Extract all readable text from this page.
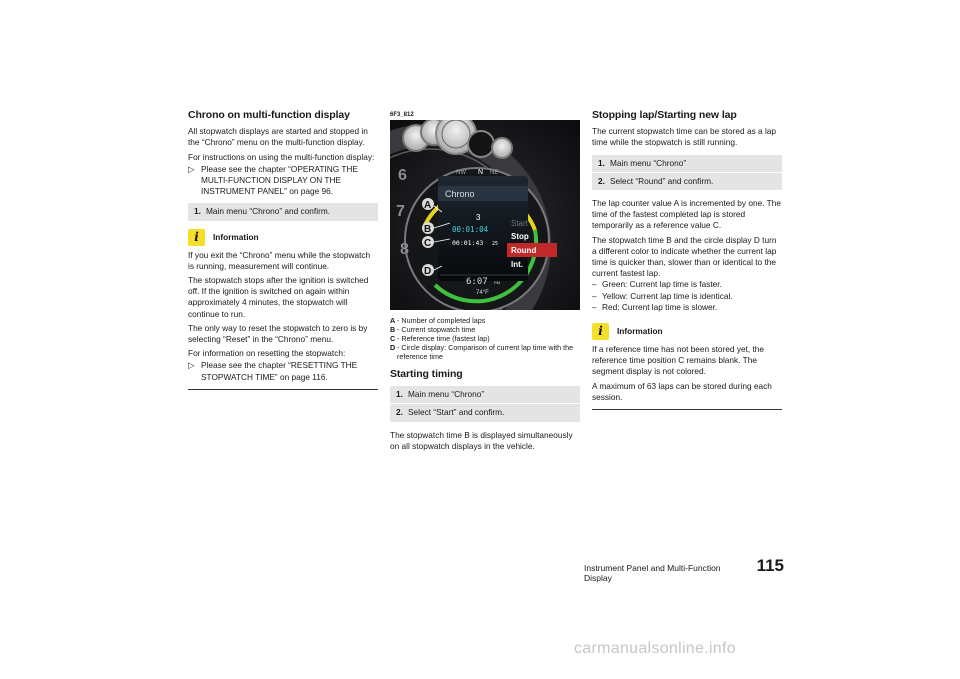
Chrono on multi-function display

All stopwatch displays are started and stopped in the “Chrono” menu on the multi-function display.

For instructions on using the multi-function display:

▷ Please see the chapter “OPERATING THE MULTI-FUNCTION DISPLAY ON THE INSTRUMENT PANEL” on page 96.
1. Main menu “Chrono” and confirm.
i Information

If you exit the “Chrono” menu while the stopwatch is running, measurement will continue.

The stopwatch stops after the ignition is switched off. If the ignition is switched on again within approximately 4 minutes, the stopwatch will continue to run.

The only way to reset the stopwatch to zero is by selecting “Reset” in the “Chrono” menu.

For information on resetting the stopwatch:

▷ Please see the chapter “RESETTING THE STOPWATCH TIME” on page 116.
6F3_812
6
7
8
NW N NE
Chrono
3
00:01:04
00:01:43 25
Start
Stop
Round
Int.
6:07 PM
74°F
A
B
C
D
A - Number of completed laps
B - Current stopwatch time
C - Reference time (fastest lap)
D - Circle display: Comparison of current lap time with the reference time
Starting timing
1. Main menu “Chrono”
2. Select “Start” and confirm.

The stopwatch time B is displayed simultaneously on all stopwatch displays in the vehicle.

Stopping lap/Starting new lap

The current stopwatch time can be stored as a lap time while the stopwatch is still running.

1. Main menu “Chrono”
2. Select “Round” and confirm.

The lap counter value A is incremented by one. The time of the fastest completed lap is stored temporarily as a reference value C.

The stopwatch time B and the circle display D turn a different color to indicate whether the current lap time is quicker than, slower than or identical to the current fastest lap.

– Green: Current lap time is faster.
– Yellow: Current lap time is identical.
– Red: Current lap time is slower.
i Information

If a reference time has not been stored yet, the reference time position C remains blank. The segment display is not colored.

A maximum of 63 laps can be stored during each session.

Instrument Panel and Multi-Function Display
115
carmanualsonline.info
